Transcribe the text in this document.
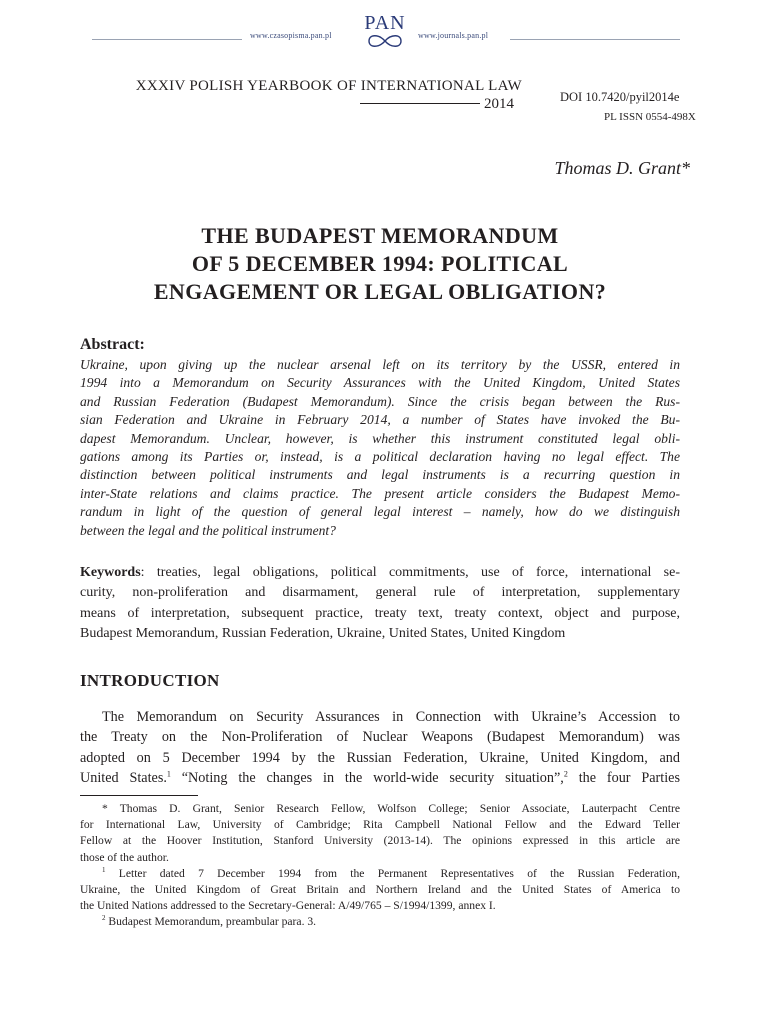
www.czasopisma.pan.pl
PAN
www.journals.pan.pl
XXXIV POLISH YEARBOOK OF INTERNATIONAL LAW
2014	DOI 10.7420/pyil2014e
PL ISSN 0554-498X
Thomas D. Grant*
THE BUDAPEST MEMORANDUM
OF 5 DECEMBER 1994: POLITICAL
ENGAGEMENT OR LEGAL OBLIGATION?
Abstract:
Ukraine, upon giving up the nuclear arsenal left on its territory by the USSR, entered in
1994 into a Memorandum on Security Assurances with the United Kingdom, United States
and Russian Federation (Budapest Memorandum). Since the crisis began between the Rus-
sian Federation and Ukraine in February 2014, a number of States have invoked the Bu-
dapest Memorandum. Unclear, however, is whether this instrument constituted legal obli-
gations among its Parties or, instead, is a political declaration having no legal effect. The
distinction between political instruments and legal instruments is a recurring question in
inter-State relations and claims practice. The present article considers the Budapest Memo-
randum in light of the question of general legal interest – namely, how do we distinguish
between the legal and the political instrument?
Keywords: treaties, legal obligations, political commitments, use of force, international se-
curity, non-proliferation and disarmament, general rule of interpretation, supplementary
means of interpretation, subsequent practice, treaty text, treaty context, object and purpose,
Budapest Memorandum, Russian Federation, Ukraine, United States, United Kingdom
INTRODUCTION
The Memorandum on Security Assurances in Connection with Ukraine’s Accession to
the Treaty on the Non-Proliferation of Nuclear Weapons (Budapest Memorandum) was
adopted on 5 December 1994 by the Russian Federation, Ukraine, United Kingdom, and
United States.$^1$ “Noting the changes in the world-wide security situation”,$^2$ the four Parties
* Thomas D. Grant, Senior Research Fellow, Wolfson College; Senior Associate, Lauterpacht Centre
for International Law, University of Cambridge; Rita Campbell National Fellow and the Edward Teller
Fellow at the Hoover Institution, Stanford University (2013-14). The opinions expressed in this article are
those of the author.
$^1$ Letter dated 7 December 1994 from the Permanent Representatives of the Russian Federation,
Ukraine, the United Kingdom of Great Britain and Northern Ireland and the United States of America to
the United Nations addressed to the Secretary-General: A/49/765 – S/1994/1399, annex I.
$^2$ Budapest Memorandum, preambular para. 3.
